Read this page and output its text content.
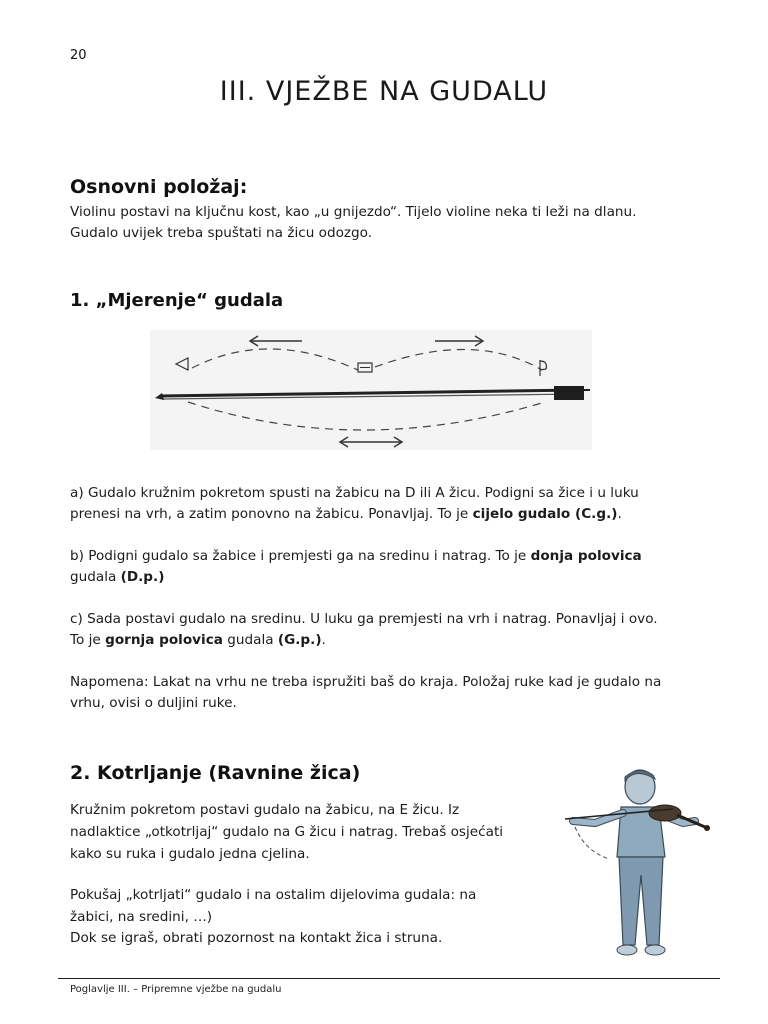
20
III. VJEŽBE NA GUDALU
Osnovni položaj:

Violinu postavi na ključnu kost, kao „u gnijezdo“. Tijelo violine neka ti leži na dlanu.

Gudalo uvijek treba spuštati na žicu odozgo.

1. „Mjerenje“ gudala

a) Gudalo kružnim pokretom spusti na žabicu na D ili A žicu. Podigni sa žice i u luku

prenesi na vrh, a zatim ponovno na žabicu. Ponavljaj. To je cijelo gudalo (C.g.).

b) Podigni gudalo sa žabice i premjesti ga na sredinu i natrag. To je donja polovica

gudala (D.p.)

c) Sada postavi gudalo na sredinu. U luku ga premjesti na vrh i natrag. Ponavljaj i ovo.

To je gornja polovica gudala (G.p.).

Napomena: Lakat na vrhu ne treba ispružiti baš do kraja. Položaj ruke kad je gudalo na

vrhu, ovisi o duljini ruke.

2. Kotrljanje (Ravnine žica)

Kružnim pokretom postavi gudalo na žabicu, na E žicu. Iz

nadlaktice „otkotrljaj“ gudalo na G žicu i natrag. Trebaš osjećati

kako su ruka i gudalo jedna cjelina.

Pokušaj „kotrljati“ gudalo i na ostalim dijelovima gudala: na

žabici, na sredini, …)

Dok se igraš, obrati pozornost na kontakt žica i struna.

Poglavlje III. – Pripremne vježbe na gudalu
